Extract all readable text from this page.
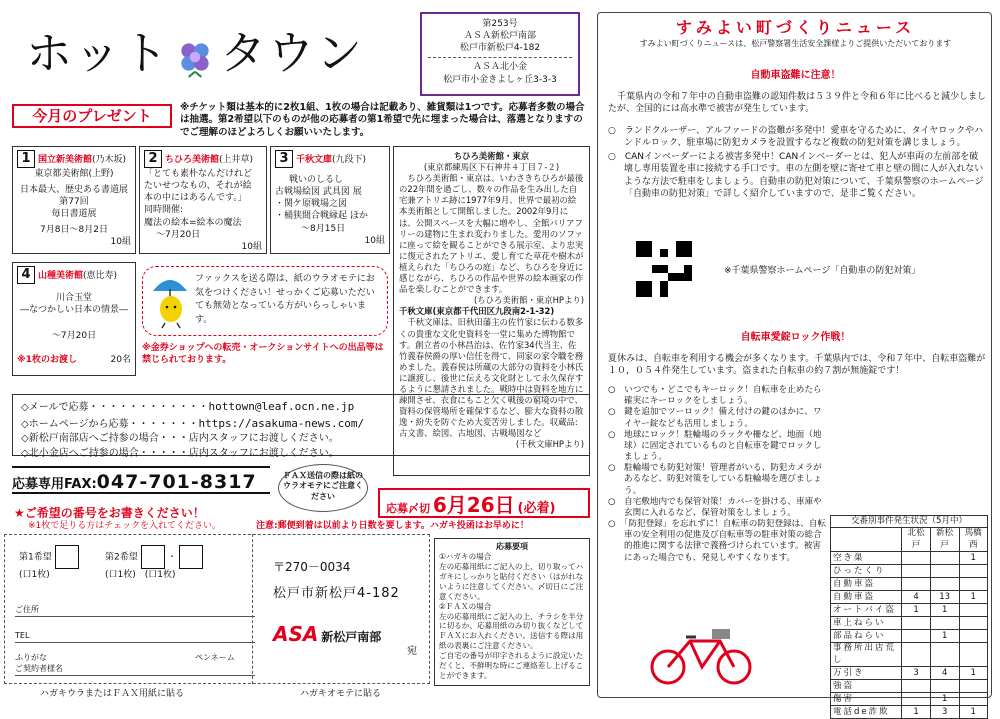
ホット タウン
第253号
ＡＳＡ新松戸南部
松戸市新松戸4-182
ＡＳＡ北小金
松戸市小金きよしヶ丘3-3-3
今月のプレゼント	※チケット類は基本的に2枚1組、1枚の場合は記載あり、雑貨類は1つです。応募者多数の場合は抽選。第2希望以下のものが他の応募者の第1希望で先に埋まった場合は、落選となりますのでご理解のほどよろしくお願いいたします。
1 国立新美術館(乃木坂)
東京都美術館(上野)
日本最大、歴史ある書道展
第77回
毎日書道展
7月8日～8月2日
10組
2 ちひろ美術館(上井草)
「とても素朴なんだけれど
たいせつなもの、それが絵
本の中にはあるんです。」
同時開催:
魔法の絵本=絵本の魔法
～7月20日
10組
3 千秋文庫(九段下)
戦いのしるし
古戦場絵図 武具図 展
・関ケ原戦場之図
・桶狭間合戦縁起 ほか
～8月15日
10組
ちひろ美術館・東京
(東京都練馬区下石神井４丁目７-２)
ちひろ美術館・東京は、いわさきちひろが最後の22年間を過ごし、数々の作品を生み出した自宅兼アトリエ跡に1977年9月、世界で最初の絵本美術館として開館しました。2002年9月には、公開スペースを大幅に増やし、全館バリアフリーの建物に生まれ変わりました。愛用のソファに座って絵を観ることができる展示室、より忠実に復元されたアトリエ、愛し育てた草花や樹木が植えられた「ちひろの庭」など、ちひろを身近に感じながら、ちひろの作品や世界の絵本画家の作品を楽しむことができます。
(ちひろ美術館・東京HPより)
千秋文庫(東京都千代田区九段南2-1-32)
千秋文庫は、旧秋田藩主の佐竹家に伝わる数多くの貴重な文化史資料を一堂に集めた博物館です。創立者の小林昌治は、佐竹家34代当主、佐竹義春侯爵の厚い信任を得て、同家の家令職を務めました。義春侯は所蔵の大部分の資料を小林氏に譲渡し、後世に伝える文化財として永久保存するように懇請されました。戦時中は資料を地方に疎開させ、衣食にもこと欠く戦後の窮境の中で、資料の保管場所を確保するなど、膨大な資料の散逸・紛失を防ぐため大変苦労しました。収蔵品:古文書、絵図、古地図、古戦場図など
(千秋文庫HPより)
4 山種美術館(恵比寿)
川合玉堂
―なつかしい日本の情景―
～7月20日
※1枚のお渡し	20名
ファックスを送る際は、紙のウラオモテにお気をつけください！せっかくご応募いただいても無効となっている方がいらっしゃいます。
※金券ショップへの転売・オークションサイトへの出品等は禁じられております。
◇メールで応募・・・・・・・・・・・・hottown@leaf.ocn.ne.jp
◇ホームページから応募・・・・・・・https://asakuma-news.com/
◇新松戸南部店へご持参の場合・・・店内スタッフにお渡しください。
◇北小金店へご持参の場合・・・・・店内スタッフにお渡しください。
応募専用FAX:047-701-8317	ＦＡＸ送信の際は紙のウラオモテにご注意ください
応募〆切 6月26日 (必着)
★ご希望の番号をお書きください！
※1枚で足りる方はチェックを入れてください。	注意:郵便到着は以前より日数を要します。ハガキ投函はお早めに！
第1希望
(口1枚)
第2希望	・
(口1枚)　 (口1枚)
ご住所
TEL
ふりがな
ご契約者様名
ペンネーム
〒270－0034
松戸市新松戸4-182
ASA 新松戸南部
宛
ハガキウラまたはＦＡＸ用紙に貼る	ハガキオモテに貼る
応募要項
①ハガキの場合
左の応募用紙にご記入の上、切り取ってハガキにしっかりと貼付ください（はがれないように注意してください。〆切日にご注意ください。
②ＦＡＸの場合
左の応募用紙にご記入の上、チラシを半分に切るか、応募用紙のみ切り抜くなどしてＦＡＸにお入れください。送信する際は用紙の表裏にご注意ください。
ご自宅の番号が印字されるように設定いただくと、不鮮明な時にご連絡差し上げることができます。
すみよい町づくりニュース
すみよい町づくりニュースは、松戸警察署生活安全課様よりご提供いただいております
自動車盗難に注意！
千葉県内の令和７年中の自動車盗難の認知件数は５３９件と令和６年に比べると減少しましたが、全国的には高水準で被害が発生しています。
○　ランドクルーザー、アルファードの盗難が多発中！愛車を守るために、タイヤロックやハンドルロック、駐車場に防犯カメラを設置するなど複数の防犯対策を講じましょう。
○　CANインベーダーによる被害多発中！CANインベーダーとは、犯人が車両の左前部を破壊し専用装置を車に接続する手口です。車の左側を壁に寄せて車と壁の間に人が入れないような方法で駐車をしましょう。自動車の防犯対策について、千葉県警察のホームページ「自動車の防犯対策」で詳しく紹介していますので、是非ご覧ください。
※千葉県警察ホームページ「自動車の防犯対策」
自転車愛錠ロック作戦！
夏休みは、自転車を利用する機会が多くなります。千葉県内では、令和７年中、自転車盗難が１０，０５４件発生しています。盗まれた自転車の約７割が無施錠です！
○　いつでも・どこでもキーロック！自転車を止めたら確実にキーロックをしましょう。
○　鍵を追加でツーロック！備え付けの鍵のほかに、ワイヤー錠なども活用しましょう。
○　地球にロック！駐輪場のラックや柵など、地面（地球）に固定されているものと自転車を鍵でロックしましょう。
○　駐輪場でも防犯対策！管理者がいる、防犯カメラがあるなど、防犯対策をしている駐輪場を選びましょう。
○　自宅敷地内でも保管対策！カバーを掛ける、車庫や玄関に入れるなど、保管対策をしましょう。
○　「防犯登録」を忘れずに！自転車の防犯登録は、自転車の安全利用の促進及び自転車等の駐車対策の総合的推進に関する法律で義務づけられています。被害にあった場合でも、発見しやすくなります。
交番別事件発生状況（5月中）
	北松戸	新松戸	馬橋西
空き巣			1
ひったくり			
自動車盗			
自動車盗	4	13	1
オートバイ盗	1	1	
車上ねらい			
部品ねらい		1	
事務所出店荒し			
万引き	3	4	1
強盗			
傷害		1	
電話de詐欺	1	3	1
